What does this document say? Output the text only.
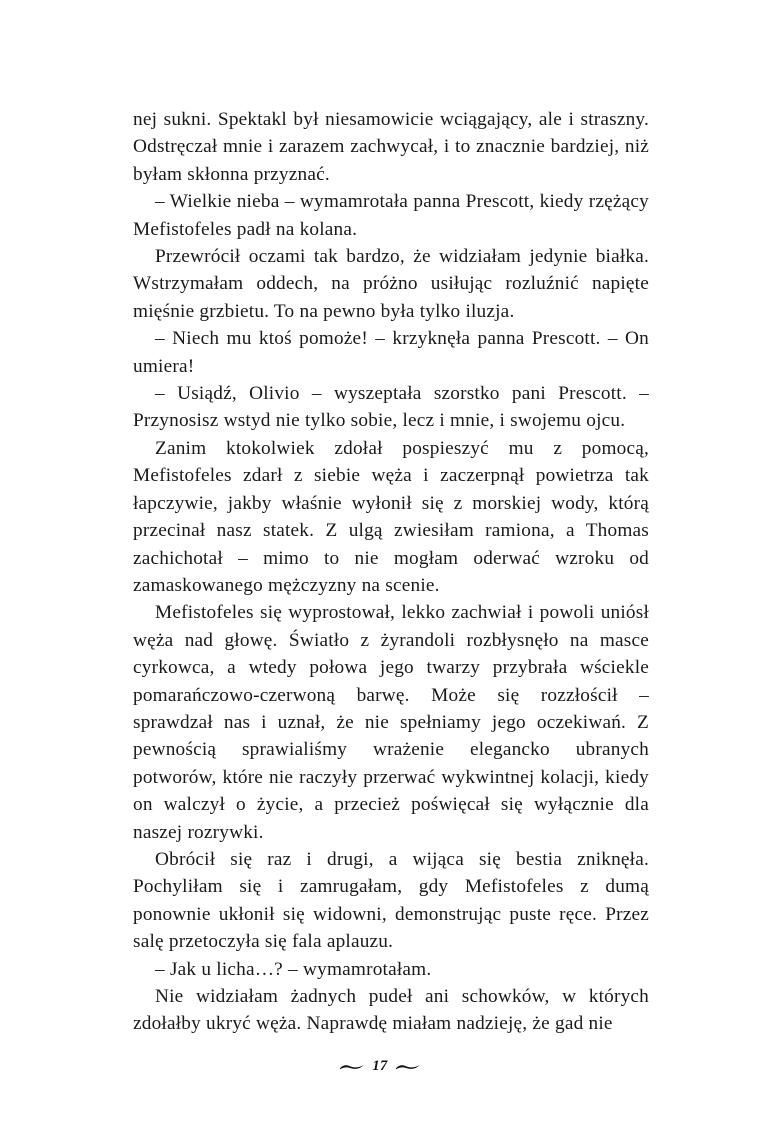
nej sukni. Spektakl był niesamowicie wciągający, ale i straszny. Odstręczał mnie i zarazem zachwycał, i to znacznie bardziej, niż byłam skłonna przyznać.

– Wielkie nieba – wymamrotała panna Prescott, kiedy rzężący Mefistofeles padł na kolana.

Przewrócił oczami tak bardzo, że widziałam jedynie białka. Wstrzymałam oddech, na próżno usiłując rozluźnić napięte mięśnie grzbietu. To na pewno była tylko iluzja.

– Niech mu ktoś pomoże! – krzyknęła panna Prescott. – On umiera!

– Usiądź, Olivio – wyszeptała szorstko pani Prescott. – Przynosisz wstyd nie tylko sobie, lecz i mnie, i swojemu ojcu.

Zanim ktokolwiek zdołał pospieszyć mu z pomocą, Mefistofeles zdarł z siebie węża i zaczerpnął powietrza tak łapczywie, jakby właśnie wyłonił się z morskiej wody, którą przecinał nasz statek. Z ulgą zwiesiłam ramiona, a Thomas zachichotał – mimo to nie mogłam oderwać wzroku od zamaskowanego mężczyzny na scenie.

Mefistofeles się wyprostował, lekko zachwiał i powoli uniósł węża nad głowę. Światło z żyrandoli rozbłysnęło na masce cyrkowca, a wtedy połowa jego twarzy przybrała wściekle pomarańczowo-czerwoną barwę. Może się rozzłościł – sprawdzał nas i uznał, że nie spełniamy jego oczekiwań. Z pewnością sprawialiśmy wrażenie elegancko ubranych potworów, które nie raczyły przerwać wykwintnej kolacji, kiedy on walczył o życie, a przecież poświęcał się wyłącznie dla naszej rozrywki.

Obrócił się raz i drugi, a wijąca się bestia zniknęła. Pochyliłam się i zamrugałam, gdy Mefistofeles z dumą ponownie ukłonił się widowni, demonstrując puste ręce. Przez salę przetoczyła się fala aplauzu.

– Jak u licha…? – wymamrotałam.

Nie widziałam żadnych pudeł ani schowków, w których zdołałby ukryć węża. Naprawdę miałam nadzieję, że gad nie

17
